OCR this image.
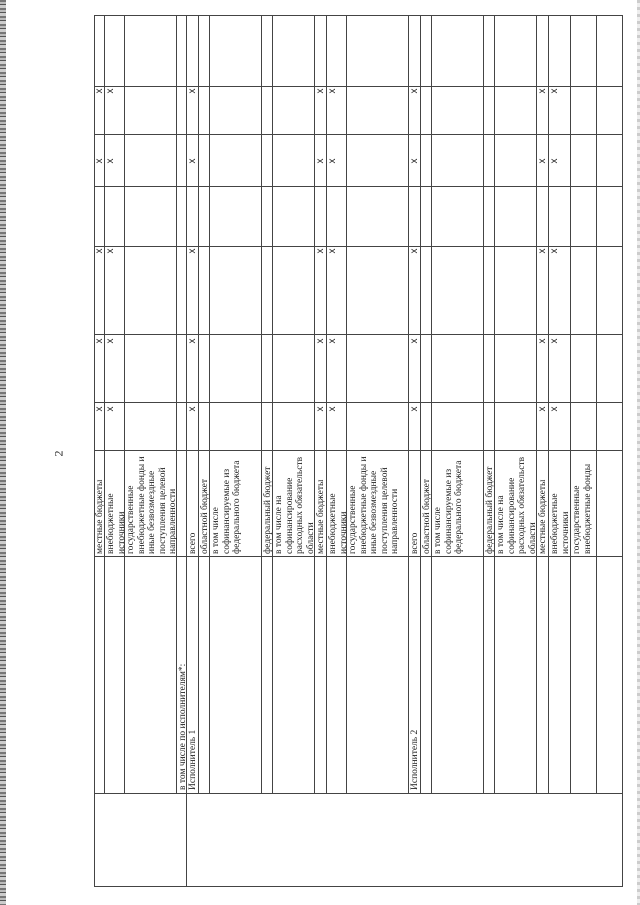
2
местные бюджеты
x
x
x
x
x
внебюджетные источники
x
x
x
x
x
государственные внебюджетные фонды и иные безвозмездные поступления целевой направленности
в том числе по исполнителям*: Исполнитель 1
всего
x
x
x
x
x
областной бюджет в том числе софинансируемые из федерального бюджета федеральный бюджет в том числе на софинансирование расходных обязательств области местные бюджеты
x
x
x
x
x
внебюджетные источники
x
x
x
x
x
государственные внебюджетные фонды и иные безвозмездные поступления целевой направленности
Исполнитель 2
всего
x
x
x
x
x
областной бюджет в том числе софинансируемые из федерального бюджета федеральный бюджет в том числе на софинансирование расходных обязательств области местные бюджеты
x
x
x
x
x
внебюджетные источники
x
x
x
x
x
государственные внебюджетные фонды
